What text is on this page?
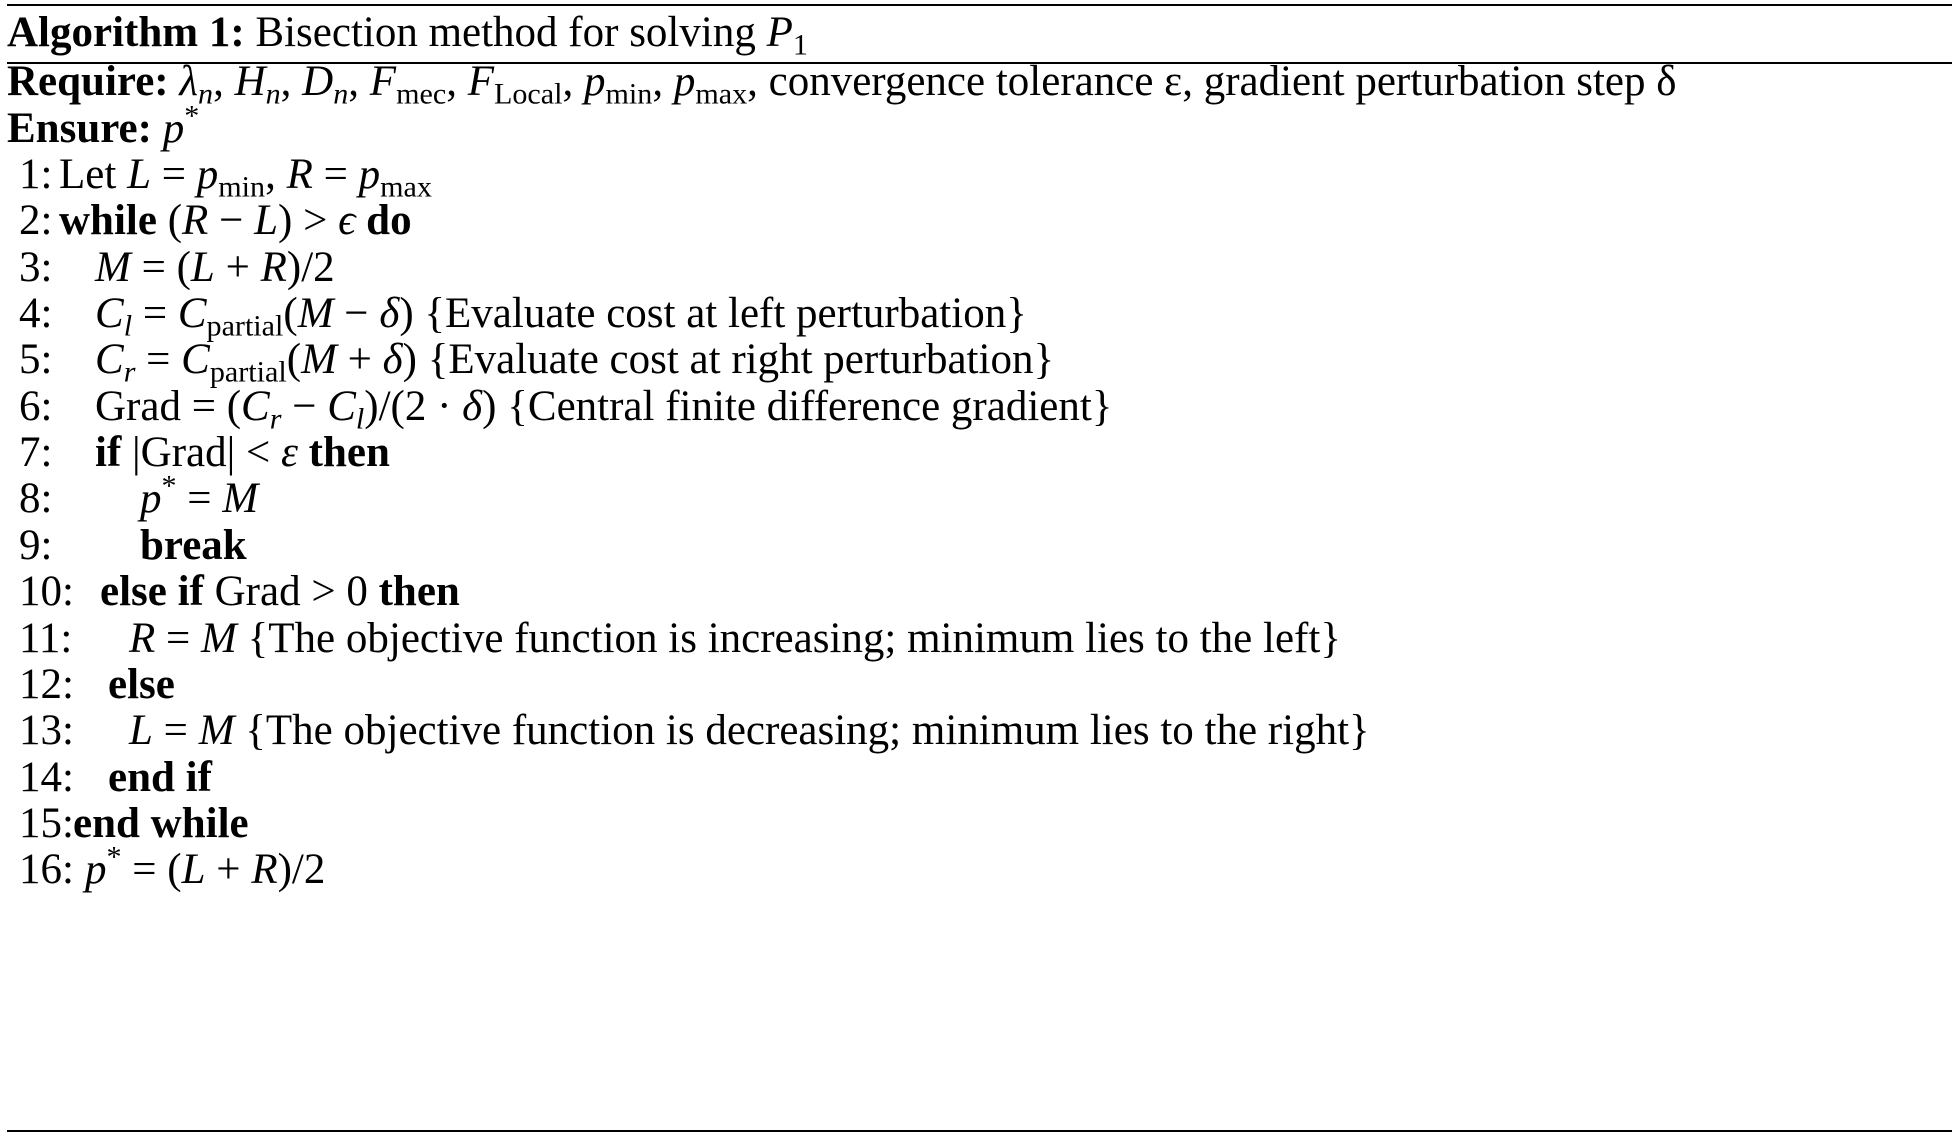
Algorithm 1: Bisection method for solving $P_1$
Require: $\lambda_n$, $H_n$, $D_n$, $F_{mec}$, $F_{Local}$, $p_{min}$, $p_{max}$, convergence tolerance ε, gradient perturbation step δ
Ensure: p*
1: Let $L = p_{min}$, $R = p_{max}$
2: while (R − L) > ϵ do
3: M = (L + R)/2
4: $C_l = C_{partial}(M - \delta)$ {Evaluate cost at left perturbation}
5: $C_r = C_{partial}(M + \delta)$ {Evaluate cost at right perturbation}
6: Grad = $(C_r - C_l)/(2 \cdot \delta)$ {Central finite difference gradient}
7: if |Grad| < ε then
8: p* = M
9: break
10: else if Grad > 0 then
11: R = M {The objective function is increasing; minimum lies to the left}
12: else
13: L = M {The objective function is decreasing; minimum lies to the right}
14: end if
15: end while
16: p* = (L + R)/2
